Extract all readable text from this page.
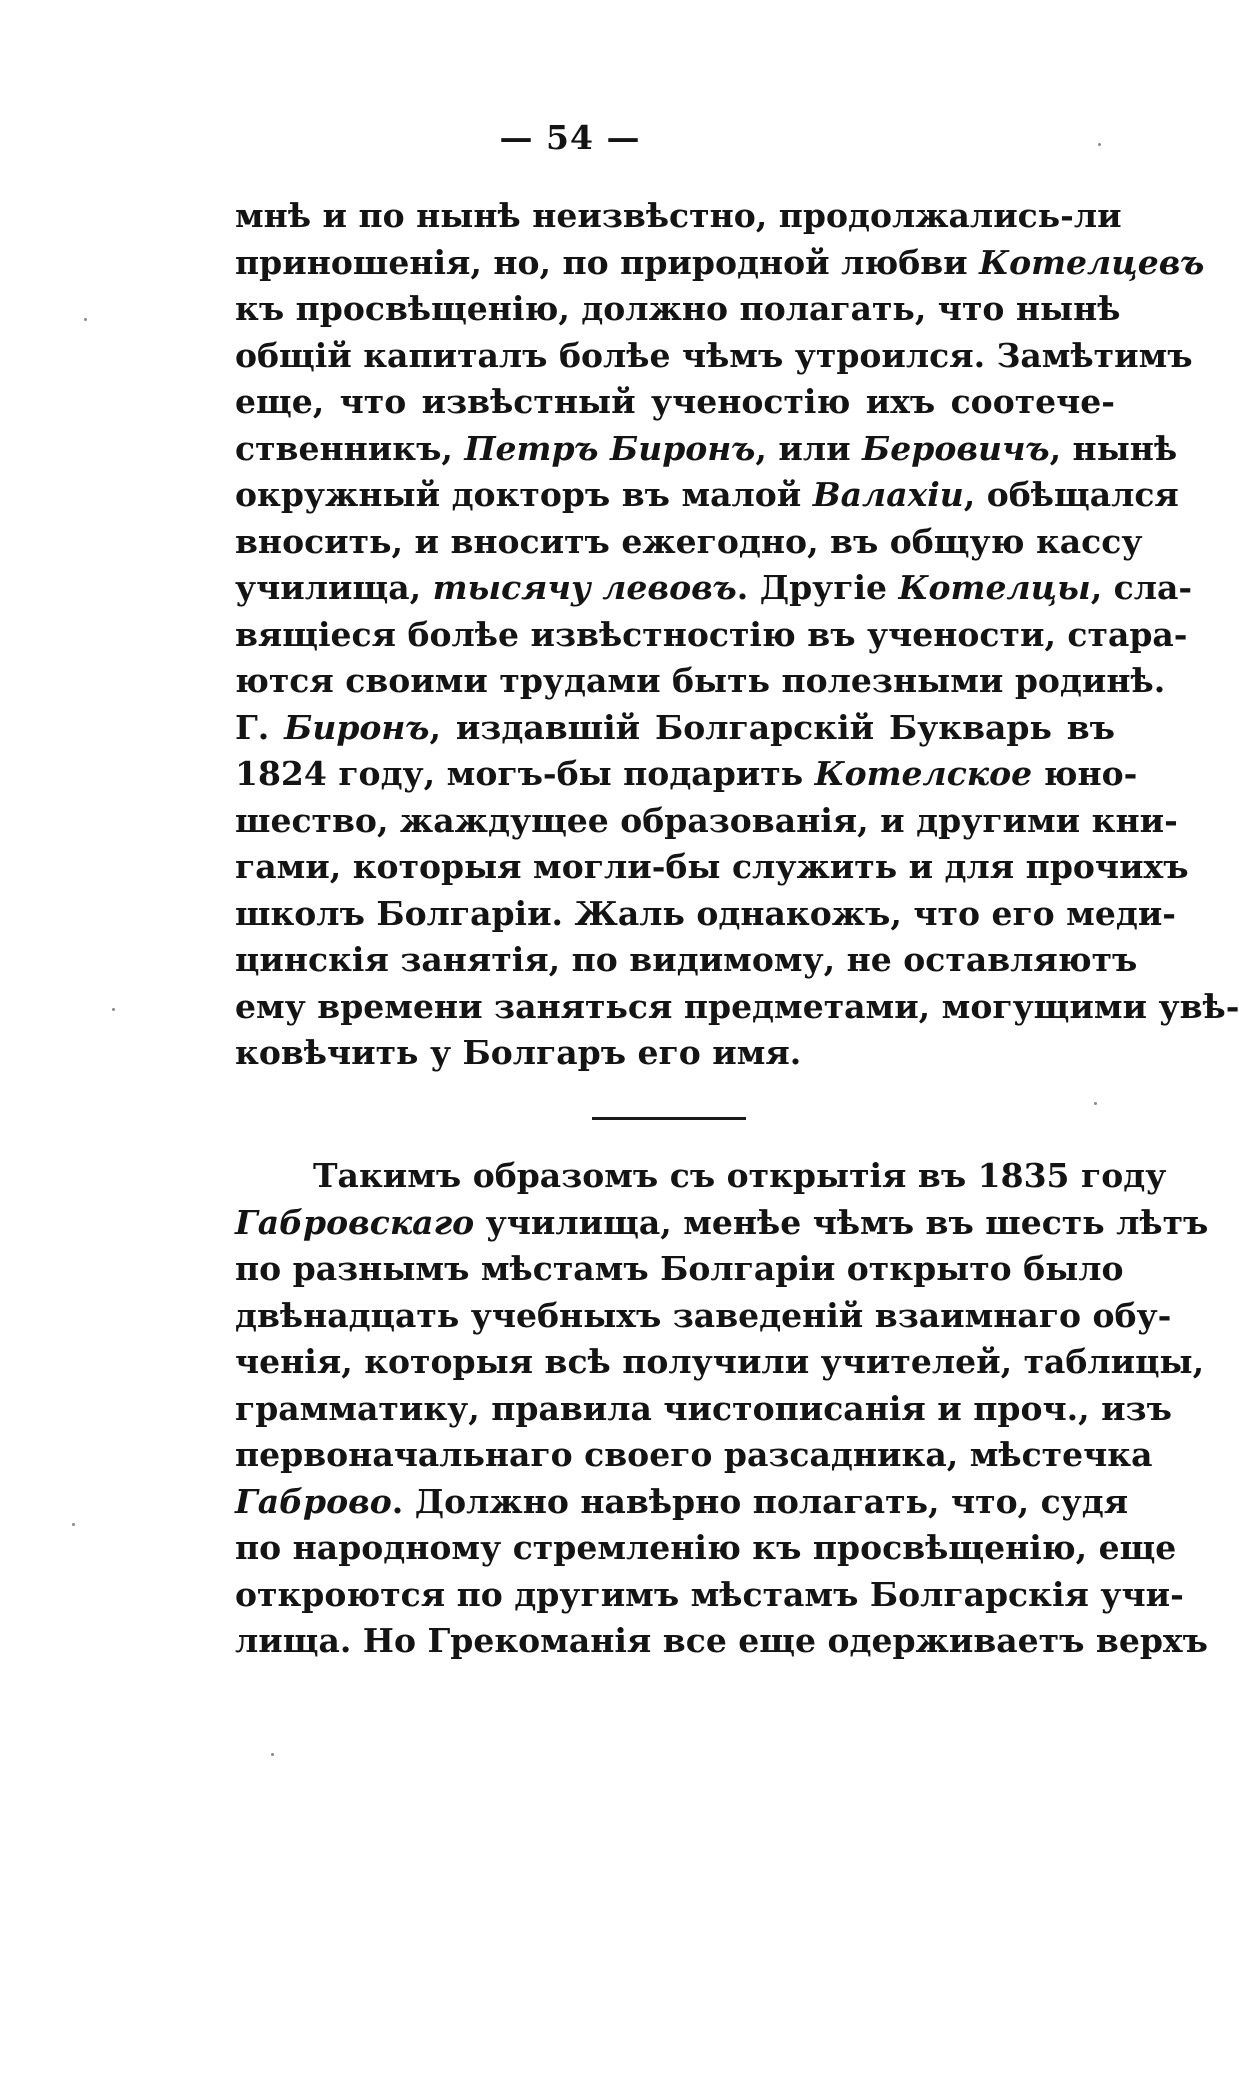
— 54 —
мнѣ и по нынѣ неизвѣстно, продолжались-ли
приношенія, но, по природной любви Котелцевъ
къ просвѣщенію, должно полагать, что нынѣ
общій капиталъ болѣе чѣмъ утроился. Замѣтимъ
еще, что извѣстный ученостію ихъ соотече-
ственникъ, Петръ Биронъ, или Беровичъ, нынѣ
окружный докторъ въ малой Валахіи, обѣщался
вносить, и вноситъ ежегодно, въ общую кассу
училища, тысячу левовъ. Другіе Котелцы, сла-
вящіеся болѣе извѣстностію въ учености, стара-
ются своими трудами быть полезными родинѣ.
Г. Биронъ, издавшій Болгарскій Букварь въ
1824 году, могъ-бы подарить Котелское юно-
шество, жаждущее образованія, и другими кни-
гами, которыя могли-бы служить и для прочихъ
школъ Болгаріи. Жаль однакожъ, что его меди-
цинскія занятія, по видимому, не оставляютъ
ему времени заняться предметами, могущими увѣ-
ковѣчить у Болгаръ его имя.
Такимъ образомъ съ открытія въ 1835 году
Габровскаго училища, менѣе чѣмъ въ шесть лѣтъ
по разнымъ мѣстамъ Болгаріи открыто было
двѣнадцать учебныхъ заведеній взаимнаго обу-
ченія, которыя всѣ получили учителей, таблицы,
грамматику, правила чистописанія и проч., изъ
первоначальнаго своего разсадника, мѣстечка
Габрово. Должно навѣрно полагать, что, судя
по народному стремленію къ просвѣщенію, еще
откроются по другимъ мѣстамъ Болгарскія учи-
лища. Но Грекоманія все еще одерживаетъ верхъ
